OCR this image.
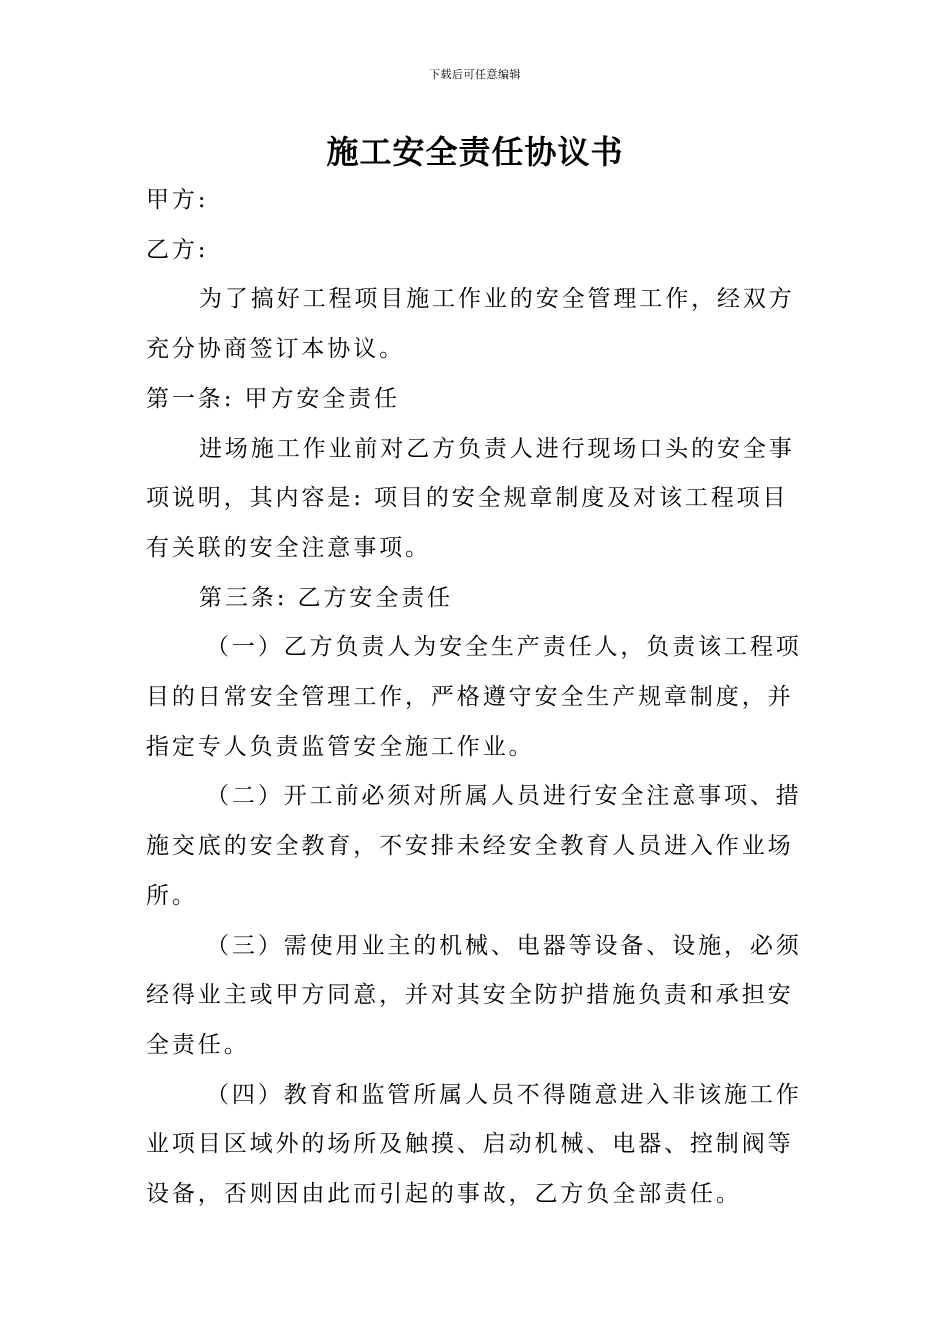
下载后可任意编辑
施工安全责任协议书

甲方:

乙方:

为了搞好工程项目施工作业的安全管理工作，经双方充分协商签订本协议。

第一条: 甲方安全责任

进场施工作业前对乙方负责人进行现场口头的安全事项说明，其内容是: 项目的安全规章制度及对该工程项目有关联的安全注意事项。

第三条: 乙方安全责任

（一）乙方负责人为安全生产责任人，负责该工程项目的日常安全管理工作，严格遵守安全生产规章制度，并指定专人负责监管安全施工作业。

（二）开工前必须对所属人员进行安全注意事项、措施交底的安全教育，不安排未经安全教育人员进入作业场所。

（三）需使用业主的机械、电器等设备、设施，必须经得业主或甲方同意，并对其安全防护措施负责和承担安全责任。

（四）教育和监管所属人员不得随意进入非该施工作业项目区域外的场所及触摸、启动机械、电器、控制阀等设备，否则因由此而引起的事故，乙方负全部责任。
